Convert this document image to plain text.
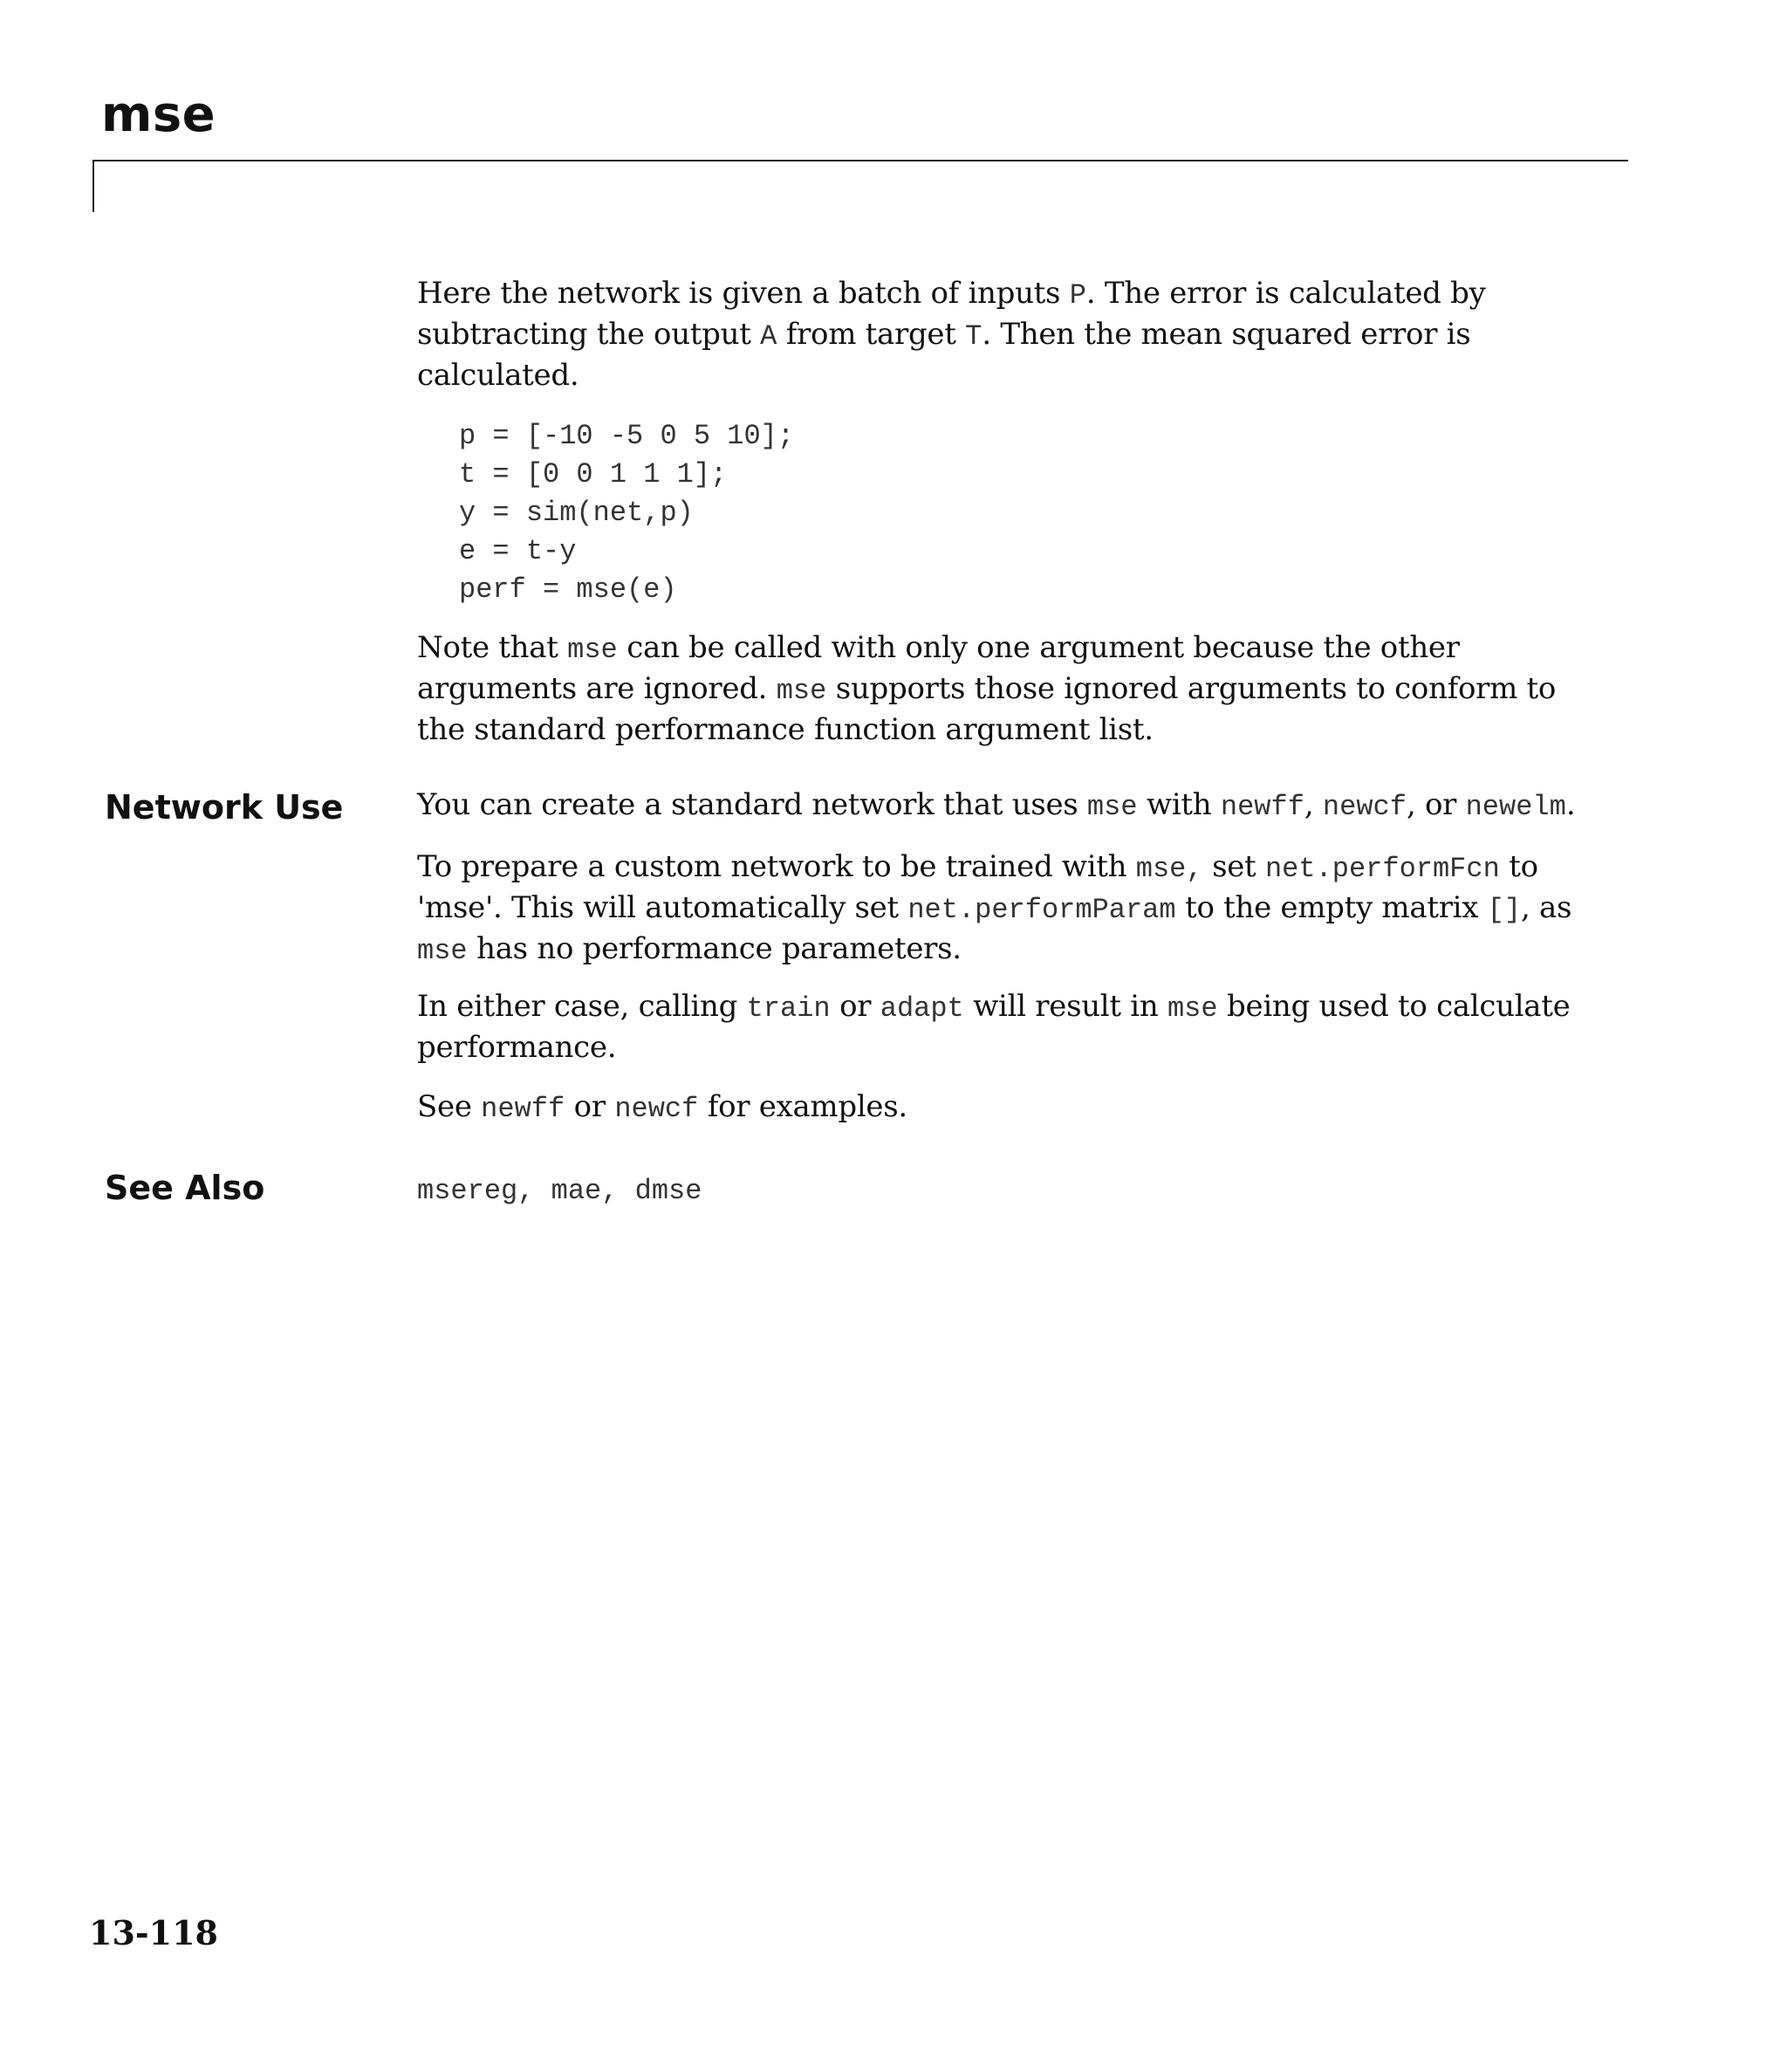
mse

Here the network is given a batch of inputs P. The error is calculated by subtracting the output A from target T. Then the mean squared error is calculated.

p = [-10 -5 0 5 10];
t = [0 0 1 1 1];
y = sim(net,p)
e = t-y
perf = mse(e)

Note that mse can be called with only one argument because the other arguments are ignored. mse supports those ignored arguments to conform to the standard performance function argument list.

Network Use You can create a standard network that uses mse with newff, newcf, or newelm.

To prepare a custom network to be trained with mse, set net.performFcn to 'mse'. This will automatically set net.performParam to the empty matrix [], as mse has no performance parameters.

In either case, calling train or adapt will result in mse being used to calculate performance.

See newff or newcf for examples.

See Also	msereg, mae, dmse

13-118
